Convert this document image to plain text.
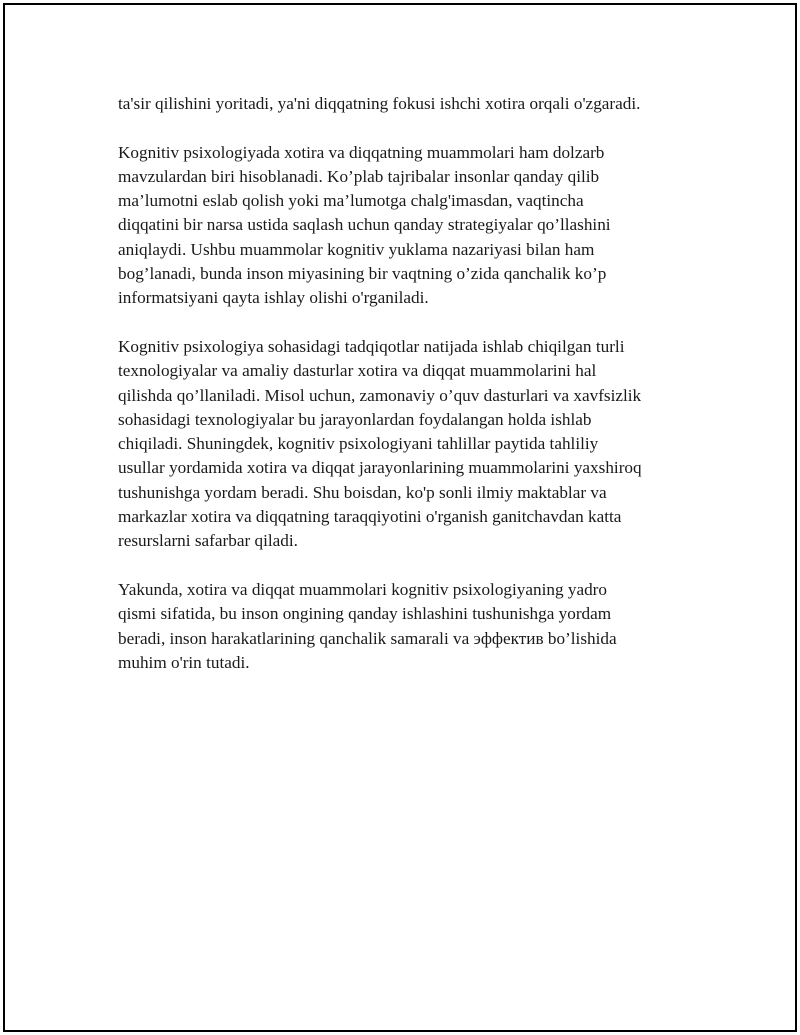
ta'sir qilishini yoritadi, ya'ni diqqatning fokusi ishchi xotira orqali o'zgaradi.

Kognitiv psixologiyada xotira va diqqatning muammolari ham dolzarb
mavzulardan biri hisoblanadi. Ko’plab tajribalar insonlar qanday qilib
ma’lumotni eslab qolish yoki ma’lumotga chalg'imasdan, vaqtincha
diqqatini bir narsa ustida saqlash uchun qanday strategiyalar qo’llashini
aniqlaydi. Ushbu muammolar kognitiv yuklama nazariyasi bilan ham
bog’lanadi, bunda inson miyasining bir vaqtning o’zida qanchalik ko’p
informatsiyani qayta ishlay olishi o'rganiladi.

Kognitiv psixologiya sohasidagi tadqiqotlar natijada ishlab chiqilgan turli
texnologiyalar va amaliy dasturlar xotira va diqqat muammolarini hal
qilishda qo’llaniladi. Misol uchun, zamonaviy o’quv dasturlari va xavfsizlik
sohasidagi texnologiyalar bu jarayonlardan foydalangan holda ishlab
chiqiladi. Shuningdek, kognitiv psixologiyani tahlillar paytida tahliliy
usullar yordamida xotira va diqqat jarayonlarining muammolarini yaxshiroq
tushunishga yordam beradi. Shu boisdan, ko'p sonli ilmiy maktablar va
markazlar xotira va diqqatning taraqqiyotini o'rganish ganitchavdan katta
resurslarni safarbar qiladi.

Yakunda, xotira va diqqat muammolari kognitiv psixologiyaning yadro
qismi sifatida, bu inson ongining qanday ishlashini tushunishga yordam
beradi, inson harakatlarining qanchalik samarali va эффектив bo’lishida
muhim o'rin tutadi.
